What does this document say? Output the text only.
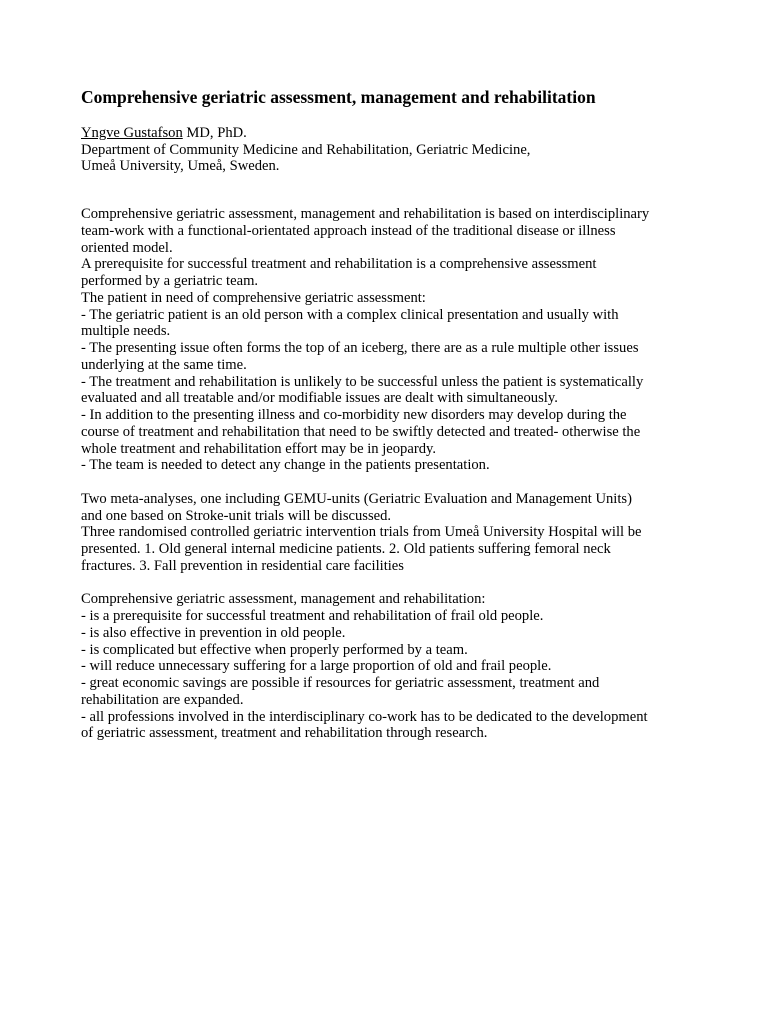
Comprehensive geriatric assessment, management and rehabilitation
Yngve Gustafson MD, PhD.
Department of Community Medicine and Rehabilitation, Geriatric Medicine,
Umeå University, Umeå, Sweden.
Comprehensive geriatric assessment, management and rehabilitation is based on interdisciplinary
team-work with a functional-orientated approach instead of the traditional disease or illness
oriented model.
A prerequisite for successful treatment and rehabilitation is a comprehensive assessment
performed by a geriatric team.
The patient in need of comprehensive geriatric assessment:
- The geriatric patient is an old person with a complex clinical presentation and usually with
multiple needs.
- The presenting issue often forms the top of an iceberg, there are as a rule multiple other issues
underlying at the same time.
- The treatment and rehabilitation is unlikely to be successful unless the patient is systematically
evaluated and all treatable and/or modifiable issues are dealt with simultaneously.
- In addition to the presenting illness and co-morbidity new disorders may develop during the
course of treatment and rehabilitation that need to be swiftly detected and treated- otherwise the
whole treatment and rehabilitation effort may be in jeopardy.
- The team is needed to detect any change in the patients presentation.
Two meta-analyses, one including GEMU-units (Geriatric Evaluation and Management Units)
and one based on Stroke-unit trials will be discussed.
Three randomised controlled geriatric intervention trials from Umeå University Hospital will be
presented. 1. Old general internal medicine patients. 2. Old patients suffering femoral neck
fractures. 3. Fall prevention in residential care facilities
Comprehensive geriatric assessment, management and rehabilitation:
- is a prerequisite for successful treatment and rehabilitation of frail old people.
- is also effective in prevention in old people.
- is complicated but effective when properly performed by a team.
- will reduce unnecessary suffering for a large proportion of old and frail people.
- great economic savings are possible if resources for geriatric assessment, treatment and
rehabilitation are expanded.
- all professions involved in the interdisciplinary co-work has to be dedicated to the development
of geriatric assessment, treatment and rehabilitation through research.
